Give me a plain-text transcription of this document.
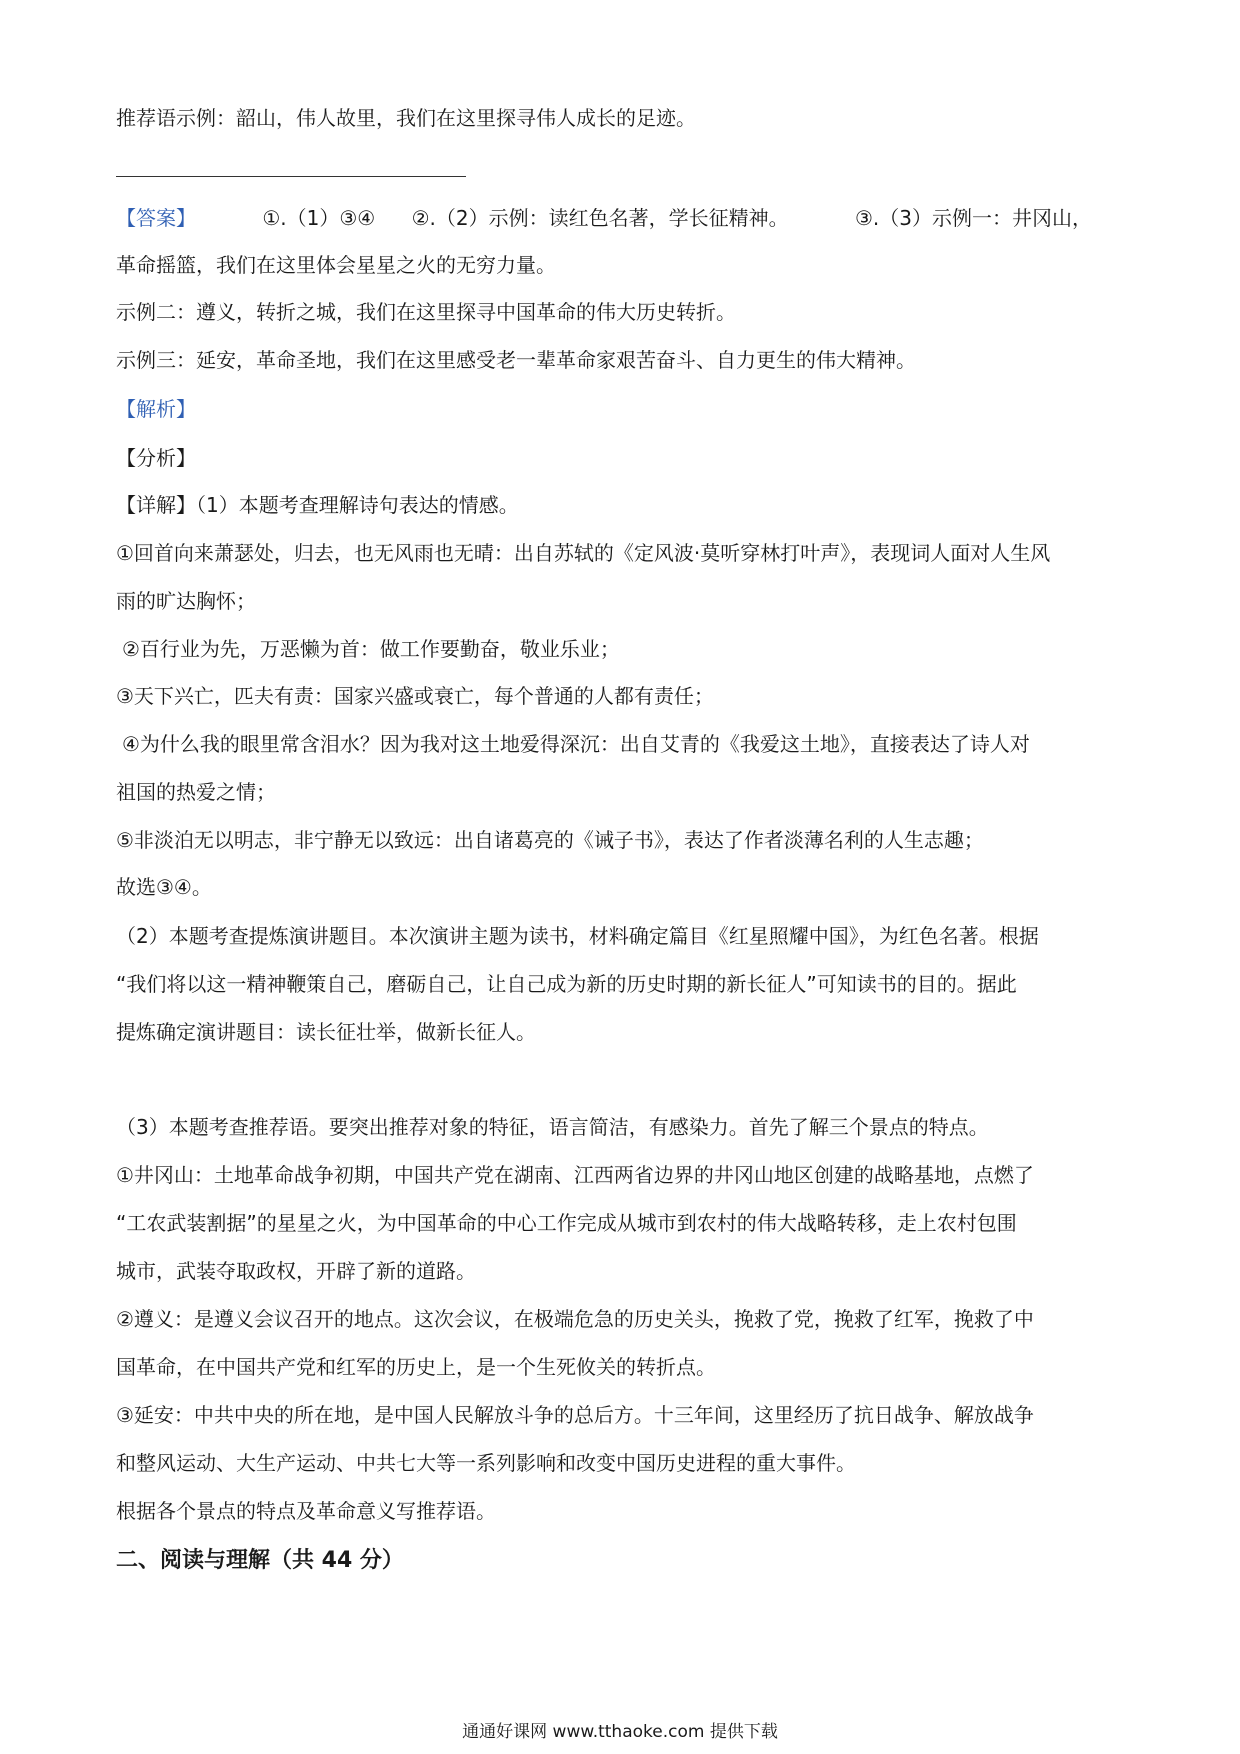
推荐语示例：韶山，伟人故里，我们在这里探寻伟人成长的足迹。
【答案】	①.（1）③④ ②.（2）示例：读红色名著，学长征精神。	③.（3）示例一：井冈山，
革命摇篮，我们在这里体会星星之火的无穷力量。
示例二：遵义，转折之城，我们在这里探寻中国革命的伟大历史转折。
示例三：延安，革命圣地，我们在这里感受老一辈革命家艰苦奋斗、自力更生的伟大精神。
【解析】
【分析】
【详解】（1）本题考查理解诗句表达的情感。
①回首向来萧瑟处，归去，也无风雨也无晴：出自苏轼的《定风波·莫听穿林打叶声》，表现词人面对人生风
雨的旷达胸怀；
②百行业为先，万恶懒为首：做工作要勤奋，敬业乐业；
③天下兴亡，匹夫有责：国家兴盛或衰亡，每个普通的人都有责任；
④为什么我的眼里常含泪水？因为我对这土地爱得深沉：出自艾青的《我爱这土地》，直接表达了诗人对
祖国的热爱之情；
⑤非淡泊无以明志，非宁静无以致远：出自诸葛亮的《诫子书》，表达了作者淡薄名利的人生志趣；
故选③④。
（2）本题考查提炼演讲题目。本次演讲主题为读书，材料确定篇目《红星照耀中国》，为红色名著。根据
“我们将以这一精神鞭策自己，磨砺自己，让自己成为新的历史时期的新长征人”可知读书的目的。据此
提炼确定演讲题目：读长征壮举，做新长征人。
（3）本题考查推荐语。要突出推荐对象的特征，语言简洁，有感染力。首先了解三个景点的特点。
①井冈山：土地革命战争初期，中国共产党在湖南、江西两省边界的井冈山地区创建的战略基地，点燃了
“工农武装割据”的星星之火，为中国革命的中心工作完成从城市到农村的伟大战略转移，走上农村包围
城市，武装夺取政权，开辟了新的道路。
②遵义：是遵义会议召开的地点。这次会议，在极端危急的历史关头，挽救了党，挽救了红军，挽救了中
国革命，在中国共产党和红军的历史上，是一个生死攸关的转折点。
③延安：中共中央的所在地，是中国人民解放斗争的总后方。十三年间，这里经历了抗日战争、解放战争
和整风运动、大生产运动、中共七大等一系列影响和改变中国历史进程的重大事件。
根据各个景点的特点及革命意义写推荐语。
二、阅读与理解（共 44 分）
通通好课网 www.tthaoke.com 提供下载
